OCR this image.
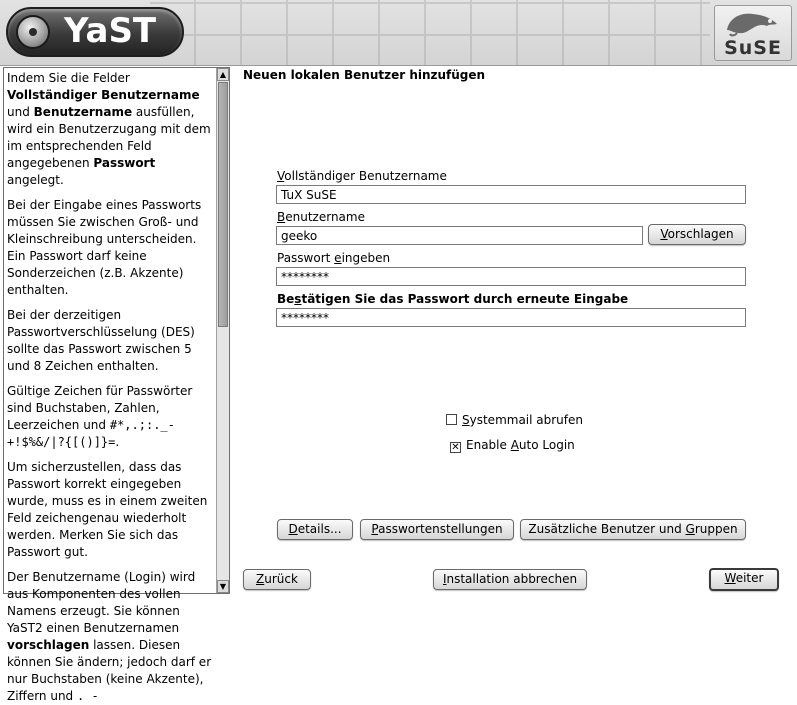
YaST	SuSE

Indem Sie die Felder Vollständiger Benutzername und Benutzername ausfüllen, wird ein Benutzerzugang mit dem im entsprechenden Feld angegebenen Passwort angelegt.

Bei der Eingabe eines Passworts müssen Sie zwischen Groß- und Kleinschreibung unterscheiden. Ein Passwort darf keine Sonderzeichen (z.B. Akzente) enthalten.

Bei der derzeitigen Passwortverschlüsselung (DES) sollte das Passwort zwischen 5 und 8 Zeichen enthalten.

Gültige Zeichen für Passwörter sind Buchstaben, Zahlen, Leerzeichen und #*,.;:._-+!$%&/|?{[()]}=.

Um sicherzustellen, dass das Passwort korrekt eingegeben wurde, muss es in einem zweiten Feld zeichengenau wiederholt werden. Merken Sie sich das Passwort gut.

Der Benutzername (Login) wird aus Komponenten des vollen Namens erzeugt. Sie können YaST2 einen Benutzernamen vorschlagen lassen. Diesen können Sie ändern; jedoch darf er nur Buchstaben (keine Akzente), Ziffern und . -

▲
▼
Neuen lokalen Benutzer hinzufügen
Vollständiger Benutzername
TuX SuSE
Benutzername
geeko	Vorschlagen
Passwort eingeben
********
Bestätigen Sie das Passwort durch erneute Eingabe
********
Systemmail abrufen
✕ Enable Auto Login
Details...	Passwortenstellungen	Zusätzliche Benutzer und Gruppen
Zurück	Installation abbrechen	Weiter
